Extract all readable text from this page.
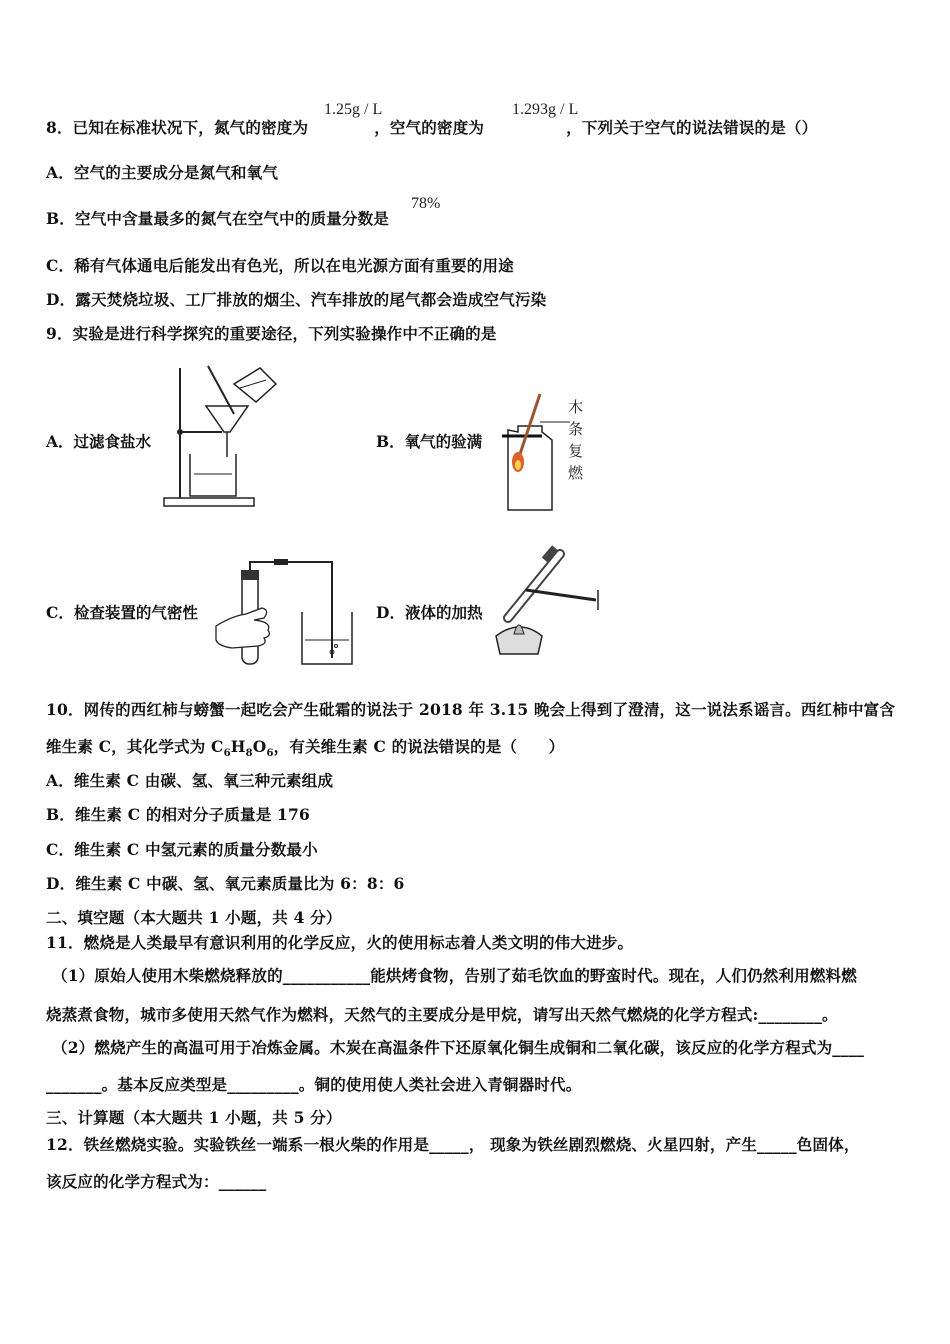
8．已知在标准状况下，氮气的密度为	，空气的密度为	，下列关于空气的说法错误的是（）
1.25g / L	1.293g / L
A．空气的主要成分是氮气和氧气
B．空气中含量最多的氮气在空气中的质量分数是
78%
C．稀有气体通电后能发出有色光，所以在电光源方面有重要的用途
D．露天焚烧垃圾、工厂排放的烟尘、汽车排放的尾气都会造成空气污染
9．实验是进行科学探究的重要途径，下列实验操作中不正确的是
A．过滤食盐水	B．氧气的验满
木
条
复
燃
C．检查装置的气密性	D．液体的加热
10．网传的西红柿与螃蟹一起吃会产生砒霜的说法于 2018 年 3.15 晚会上得到了澄清，这一说法系谣言。西红柿中富含
维生素 C，其化学式为 $C_6H_8O_6$，有关维生素 C 的说法错误的是（　　）
A．维生素 C 由碳、氢、氧三种元素组成
B．维生素 C 的相对分子质量是 176
C．维生素 C 中氢元素的质量分数最小
D．维生素 C 中碳、氢、氧元素质量比为 6：8：6
二、填空题（本大题共 1 小题，共 4 分）
11．燃烧是人类最早有意识利用的化学反应，火的使用标志着人类文明的伟大进步。
（1）原始人使用木柴燃烧释放的___________能烘烤食物，告别了茹毛饮血的野蛮时代。现在，人们仍然利用燃料燃
烧蒸煮食物，城市多使用天然气作为燃料，天然气的主要成分是甲烷，请写出天然气燃烧的化学方程式:________。
（2）燃烧产生的高温可用于冶炼金属。木炭在高温条件下还原氧化铜生成铜和二氧化碳，该反应的化学方程式为____
_______。基本反应类型是_________。铜的使用使人类社会进入青铜器时代。
三、计算题（本大题共 1 小题，共 5 分）
12．铁丝燃烧实验。实验铁丝一端系一根火柴的作用是_____， 现象为铁丝剧烈燃烧、火星四射，产生_____色固体，
该反应的化学方程式为：______
